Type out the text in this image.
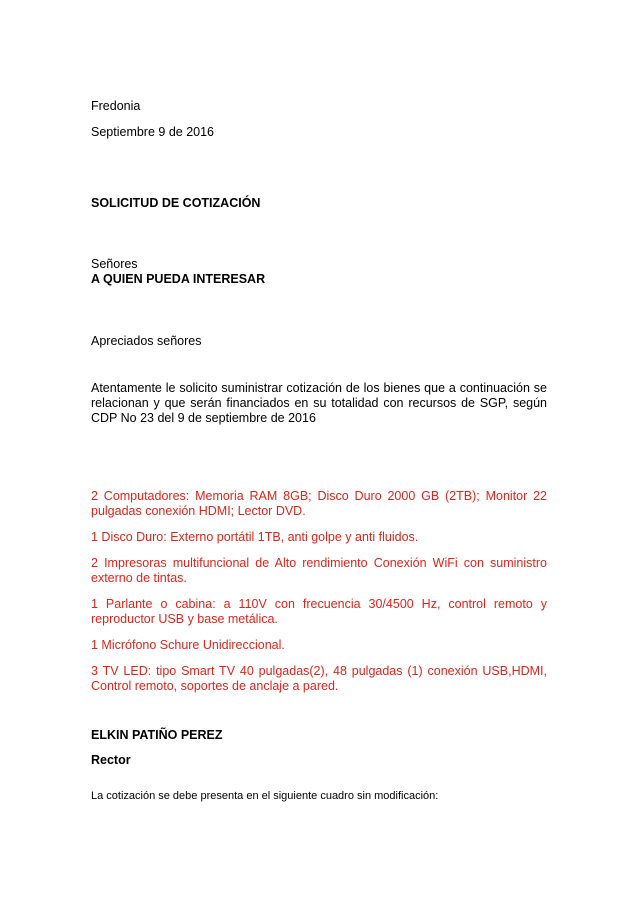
Fredonia

Septiembre 9 de 2016

SOLICITUD DE COTIZACIÓN

Señores

A QUIEN PUEDA INTERESAR

Apreciados señores

Atentamente le solicito suministrar cotización de los bienes que a continuación se relacionan y que serán financiados en su totalidad con recursos de SGP, según CDP No 23 del 9 de septiembre de 2016

2 Computadores: Memoria RAM 8GB; Disco Duro 2000 GB (2TB); Monitor 22 pulgadas conexión HDMI; Lector DVD.

1 Disco Duro: Externo portátil 1TB, anti golpe y anti fluidos.

2 Impresoras multifuncional de Alto rendimiento Conexión WiFi con suministro externo de tintas.

1 Parlante o cabina: a 110V con frecuencia 30/4500 Hz, control remoto y reproductor USB y base metálica.

1 Micrófono Schure Unidireccional.

3 TV LED: tipo Smart TV 40 pulgadas(2), 48 pulgadas (1) conexión USB,HDMI, Control remoto, soportes de anclaje a pared.

ELKIN PATIÑO PEREZ

Rector

La cotización se debe presenta en el siguiente cuadro sin modificación:
